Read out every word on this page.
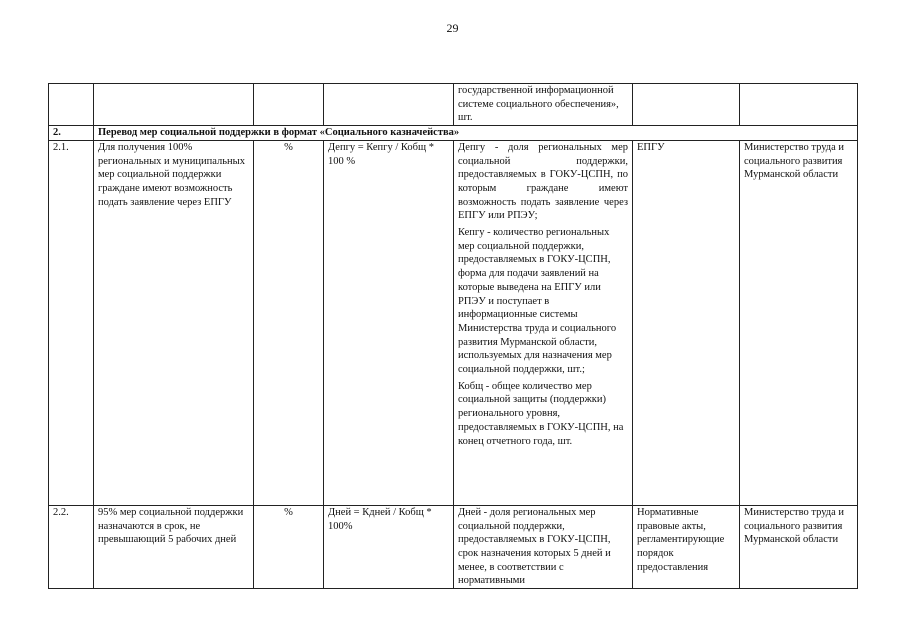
29

				государственной информационной системе социального обеспечения», шт.		

2.	Перевод мер социальной поддержки в формат «Социального казначейства»					
2.1.	Для получения 100% региональных и муниципальных мер социальной поддержки граждане имеют возможность подать заявление через ЕПГУ	%	Депгу = Кепгу / Кобщ * 100 %	Депгу - доля региональных мер социальной поддержки, предоставляемых в ГОКУ-ЦСПН, по которым граждане имеют возможность подать заявление через ЕПГУ или РПЭУ;

Кепгу - количество региональных мер социальной поддержки, предоставляемых в ГОКУ-ЦСПН, форма для подачи заявлений на которые выведена на ЕПГУ или РПЭУ и поступает в информационные системы Министерства труда и социального развития Мурманской области, используемых для назначения мер социальной поддержки, шт.;

Кобщ - общее количество мер социальной защиты (поддержки) регионального уровня, предоставляемых в ГОКУ-ЦСПН, на конец отчетного года, шт.	ЕПГУ	Министерство труда и социального развития Мурманской области
2.2.	95% мер социальной поддержки назначаются в срок, не превышающий 5 рабочих дней	%	Дней = Кдней / Кобщ * 100%	Дней - доля региональных мер социальной поддержки, предоставляемых в ГОКУ-ЦСПН, срок назначения которых 5 дней и менее, в соответствии с нормативными	Нормативные правовые акты, регламентирующие порядок предоставления	Министерство труда и социального развития Мурманской области
